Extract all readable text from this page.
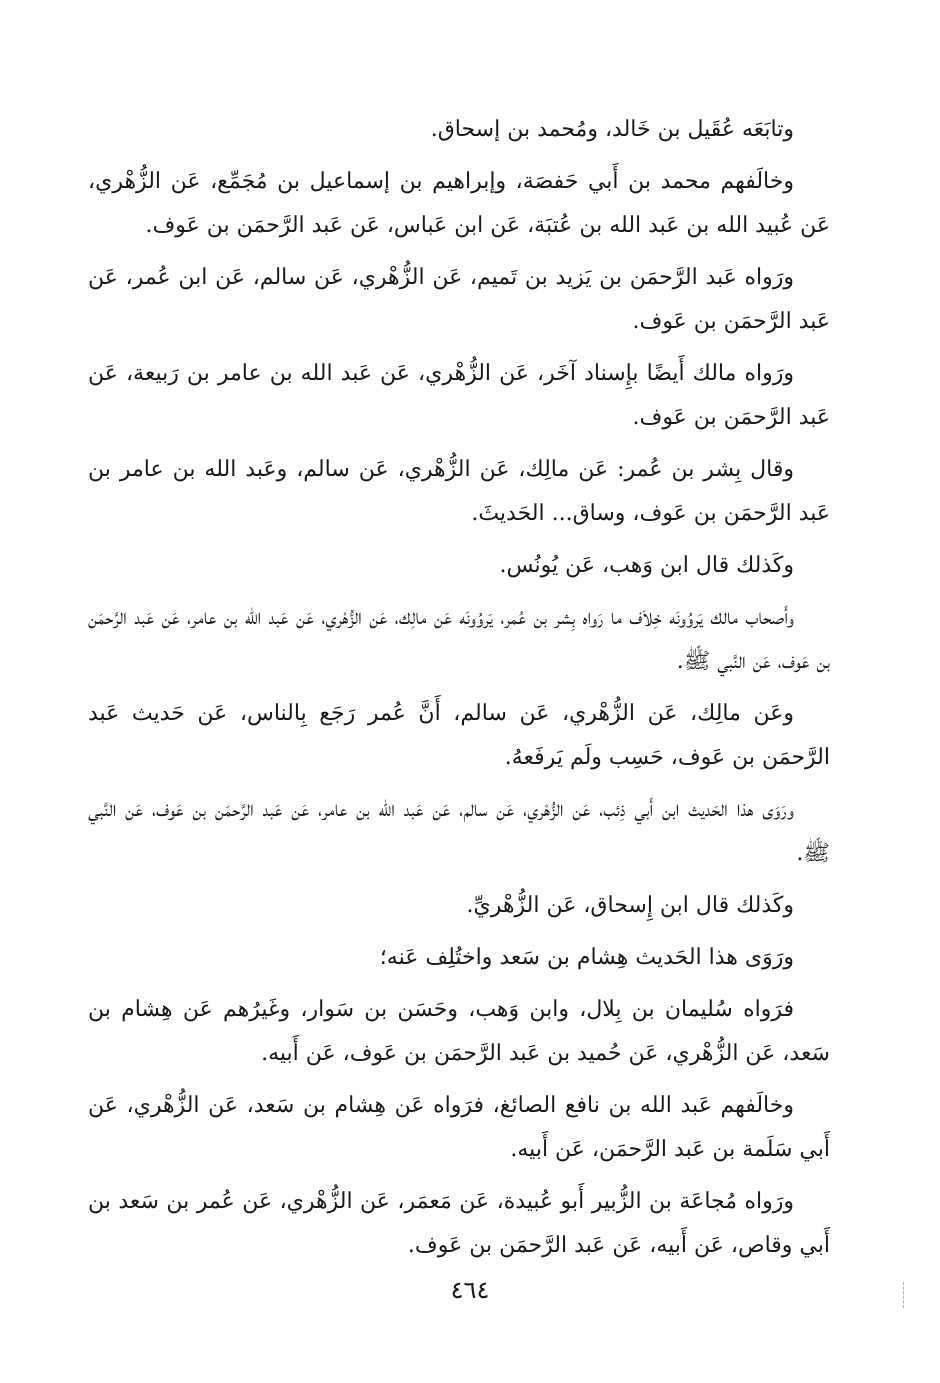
وتابَعَه عُقَيل بن خَالد، ومُحمد بن إسحاق.

وخالَفهم محمد بن أَبي حَفصَة، وإبراهيم بن إسماعيل بن مُجَمِّع، عَن الزُّهْري، عَن عُبيد الله بن عَبد الله بن عُتبَة، عَن ابن عَباس، عَن عَبد الرَّحمَن بن عَوف.

ورَواه عَبد الرَّحمَن بن يَزيد بن تَميم، عَن الزُّهْري، عَن سالم، عَن ابن عُمر، عَن عَبد الرَّحمَن بن عَوف.

ورَواه مالك أَيضًا بإِسناد آخَر، عَن الزُّهْري، عَن عَبد الله بن عامر بن رَبيعة، عَن عَبد الرَّحمَن بن عَوف.

وقال بِشر بن عُمر: عَن مالِك، عَن الزُّهْري، عَن سالم، وعَبد الله بن عامر بن عَبد الرَّحمَن بن عَوف، وساق... الحَديثَ.

وكَذلك قال ابن وَهب، عَن يُونُس.

وأَصحاب مالك يَروُونَه خِلاَف ما رَواه بِشر بن عُمر، يَروُونَه عَن مالِك، عَن الزُّهْري، عَن عَبد الله بن عامر، عَن عَبد الرَّحمَن بن عَوف، عَن النَّبي ﷺ.

وعَن مالِك، عَن الزُّهْري، عَن سالم، أَنَّ عُمر رَجَع بِالناس، عَن حَديث عَبد الرَّحمَن بن عَوف، حَسِب ولَم يَرفَعهُ.

ورَوَى هذا الحَديث ابن أَبي ذِئب، عَن الزُّهْري، عَن سالم، عَن عَبد الله بن عامر، عَن عَبد الرَّحمَن بن عَوف، عَن النَّبي ﷺ.

وكَذلك قال ابن إِسحاق، عَن الزُّهْريِّ.

ورَوَى هذا الحَديث هِشام بن سَعد واختُلِف عَنه؛

فرَواه سُليمان بن بِلال، وابن وَهب، وحَسَن بن سَوار، وغَيرُهم عَن هِشام بن سَعد، عَن الزُّهْري، عَن حُميد بن عَبد الرَّحمَن بن عَوف، عَن أَبيه.

وخالَفهم عَبد الله بن نافع الصائغ، فرَواه عَن هِشام بن سَعد، عَن الزُّهْري، عَن أَبي سَلَمة بن عَبد الرَّحمَن، عَن أَبيه.

ورَواه مُجاعَة بن الزُّبير أَبو عُبيدة، عَن مَعمَر، عَن الزُّهْري، عَن عُمر بن سَعد بن أَبي وقاص، عَن أَبيه، عَن عَبد الرَّحمَن بن عَوف.

٤٦٤
